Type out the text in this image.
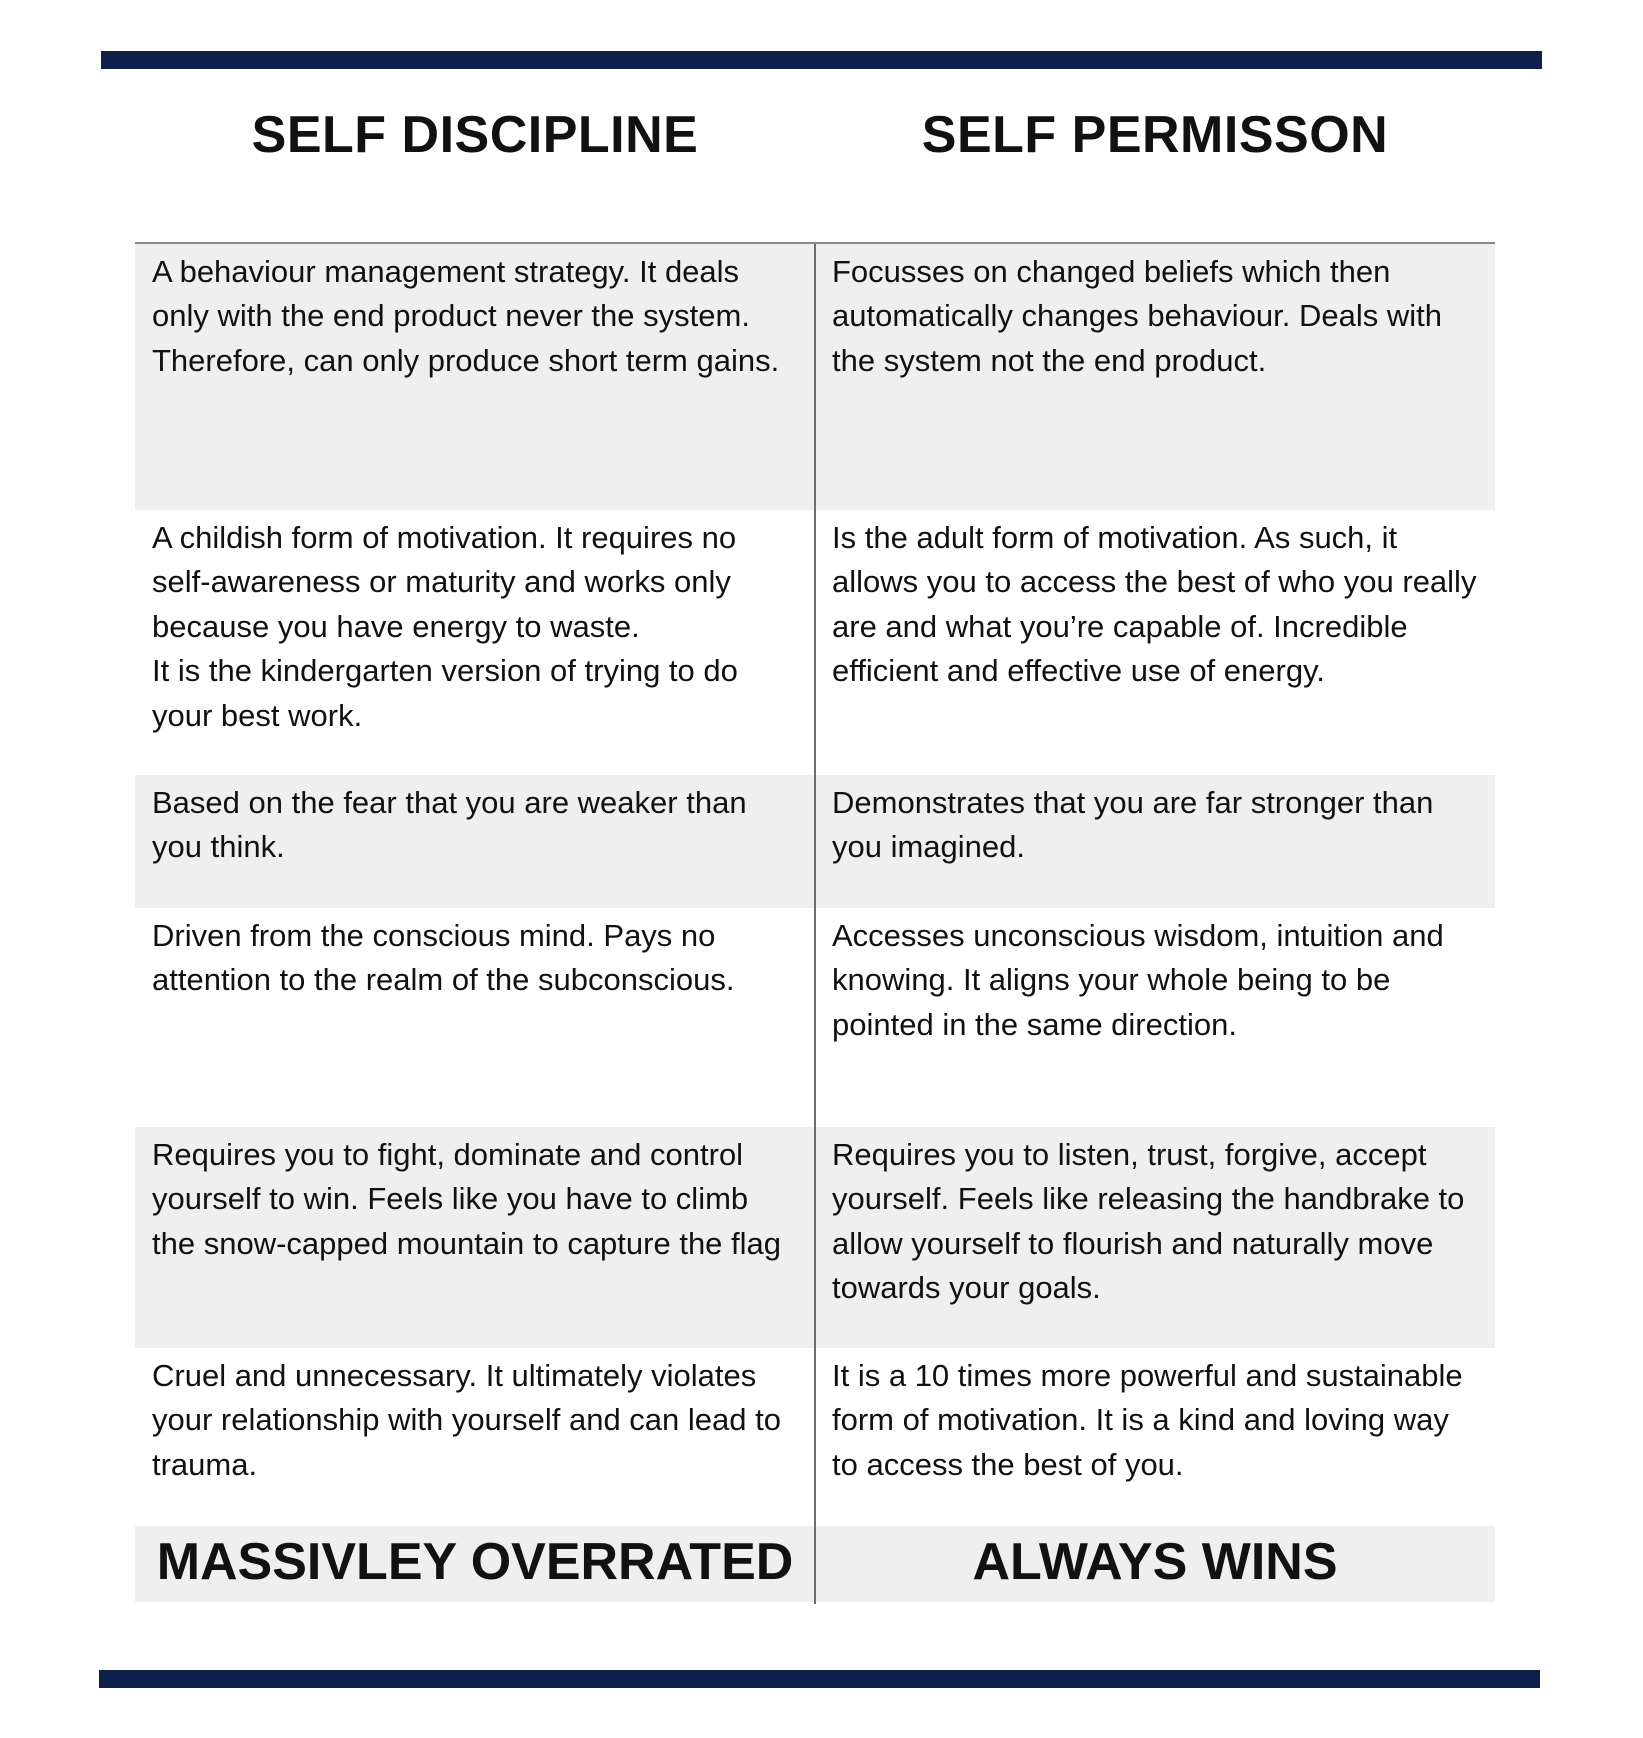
SELF DISCIPLINE	SELF PERMISSON
A behaviour management strategy. It deals only with the end product never the system. Therefore, can only produce short term gains.
Focusses on changed beliefs which then automatically changes behaviour. Deals with the system not the end product.
A childish form of motivation. It requires no self-awareness or maturity and works only because you have energy to waste.
It is the kindergarten version of trying to do your best work.
Is the adult form of motivation. As such, it allows you to access the best of who you really are and what you’re capable of. Incredible efficient and effective use of energy.
Based on the fear that you are weaker than you think.
Demonstrates that you are far stronger than you imagined.
Driven from the conscious mind. Pays no attention to the realm of the subconscious.
Accesses unconscious wisdom, intuition and knowing. It aligns your whole being to be pointed in the same direction.
Requires you to fight, dominate and control yourself to win. Feels like you have to climb the snow-capped mountain to capture the flag
Requires you to listen, trust, forgive, accept yourself. Feels like releasing the handbrake to allow yourself to flourish and naturally move towards your goals.
Cruel and unnecessary. It ultimately violates your relationship with yourself and can lead to trauma.
It is a 10 times more powerful and sustainable form of motivation. It is a kind and loving way to access the best of you.
MASSIVLEY OVERRATED	ALWAYS WINS
